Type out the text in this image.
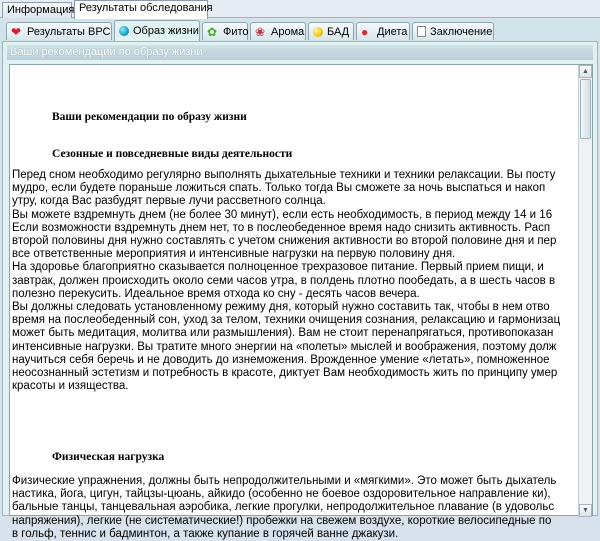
Информация Результаты обследования
❤ Результаты ВРС Образ жизни ✿ Фито ❀ Арома БАД ● Диета Заключение
Ваши рекомендации по образу жизни
Ваши рекомендации по образу жизни
Сезонные и повседневные виды деятельности
Перед сном необходимо регулярно выполнять дыхательные техники и техники релаксации. Вы посту
мудро, если будете пораньше ложиться спать. Только тогда Вы сможете за ночь выспаться и накоп
утру, когда Вас разбудят первые лучи рассветного солнца.
Вы можете вздремнуть днем (не более 30 минут), если есть необходимость, в период между 14 и 16
Если возможности вздремнуть днем нет, то в послеобеденное время надо снизить активность. Расп
второй половины дня нужно составлять с учетом снижения активности во второй половине дня и пер
все ответственные мероприятия и интенсивные нагрузки на первую половину дня.
На здоровье благоприятно сказывается полноценное трехразовое питание. Первый прием пищи, и
завтрак, должен происходить около семи часов утра, в полдень плотно пообедать, а в шесть часов в
полезно перекусить. Идеальное время отхода ко сну - десять часов вечера.
Вы должны следовать установленному режиму дня, который нужно составить так, чтобы в нем отво
время на послеобеденный сон, уход за телом, техники очищения сознания, релаксацию и гармонизац
может быть медитация, молитва или размышления). Вам не стоит перенапрягаться, противопоказан
интенсивные нагрузки. Вы тратите много энергии на «полеты» мыслей и воображения, поэтому долж
научиться себя беречь и не доводить до изнеможения. Врожденное умение «летать», помноженное
неосознанный эстетизм и потребность в красоте, диктует Вам необходимость жить по принципу умер
красоты и изящества.
Физическая нагрузка
Физические упражнения, должны быть непродолжительными и «мягкими». Это может быть дыхатель
настика, йога, цигун, тайцзы-цюань, айкидо (особенно не боевое оздоровительное направление ки),
бальные танцы, танцевальная аэробика, легкие прогулки, непродолжительное плавание (в удовольс
напряжения), легкие (не систематические!) пробежки на свежем воздухе, короткие велосипедные по
в гольф, теннис и бадминтон, а также купание в горячей ванне джакузи.
▲
▼
